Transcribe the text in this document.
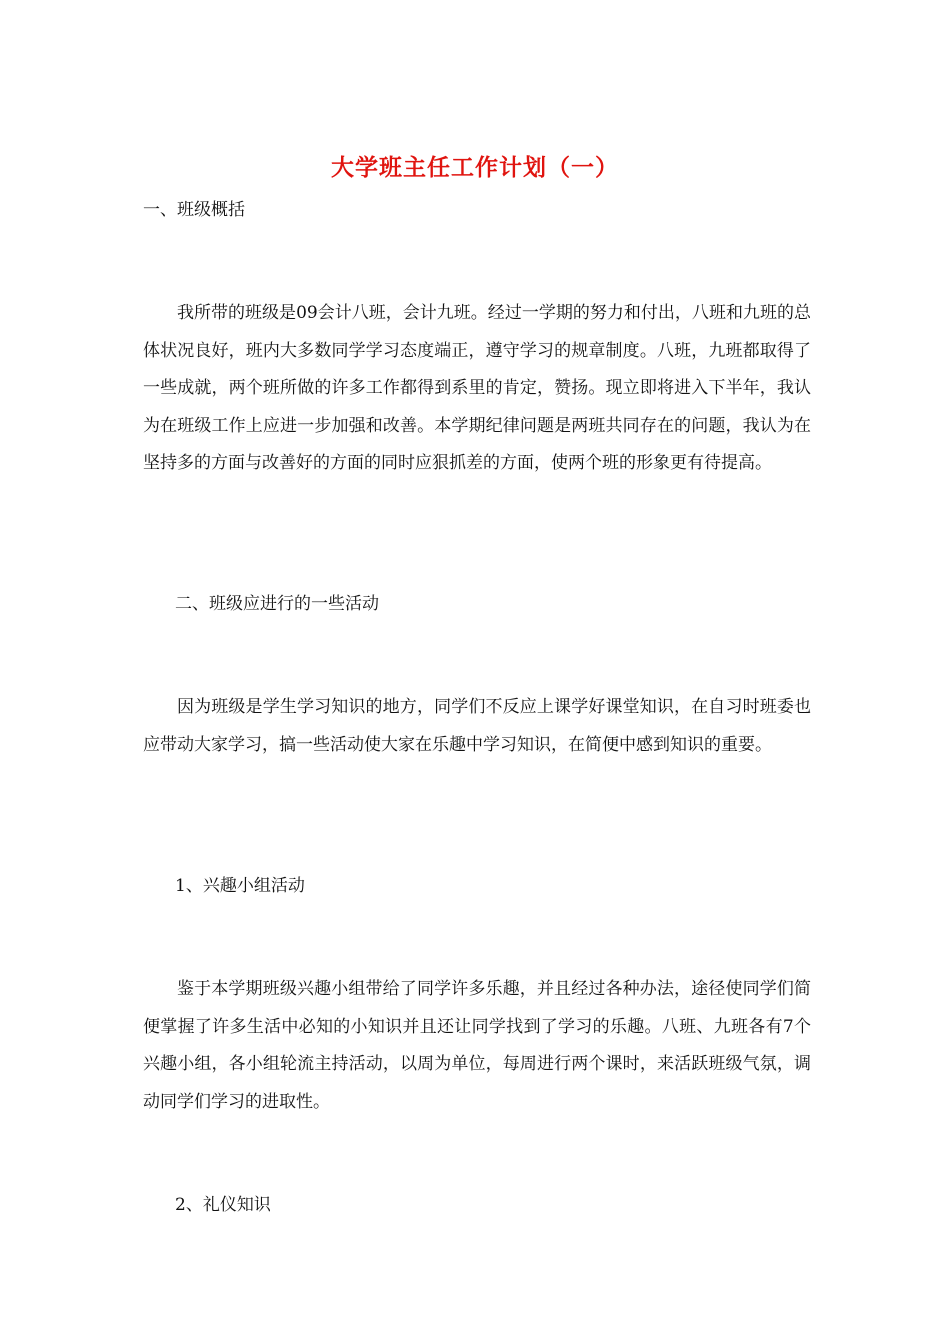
大学班主任工作计划（一）
一、班级概括

我所带的班级是09会计八班，会计九班。经过一学期的努力和付出，八班和九班的总体状况良好，班内大多数同学学习态度端正，遵守学习的规章制度。八班，九班都取得了一些成就，两个班所做的许多工作都得到系里的肯定，赞扬。现立即将进入下半年，我认为在班级工作上应进一步加强和改善。本学期纪律问题是两班共同存在的问题，我认为在坚持多的方面与改善好的方面的同时应狠抓差的方面，使两个班的形象更有待提高。

二、班级应进行的一些活动

因为班级是学生学习知识的地方，同学们不反应上课学好课堂知识，在自习时班委也应带动大家学习，搞一些活动使大家在乐趣中学习知识，在简便中感到知识的重要。

1、兴趣小组活动

鉴于本学期班级兴趣小组带给了同学许多乐趣，并且经过各种办法，途径使同学们简便掌握了许多生活中必知的小知识并且还让同学找到了学习的乐趣。八班、九班各有7个兴趣小组，各小组轮流主持活动，以周为单位，每周进行两个课时，来活跃班级气氛，调动同学们学习的进取性。

2、礼仪知识
